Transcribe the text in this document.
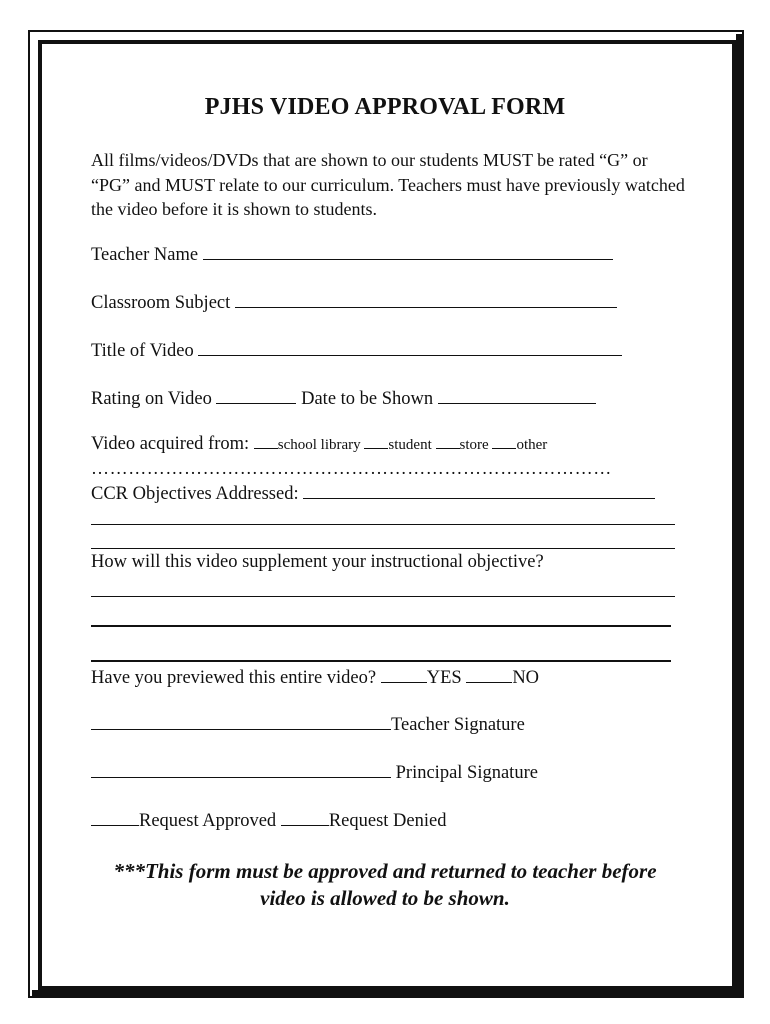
PJHS VIDEO APPROVAL FORM
All films/videos/DVDs that are shown to our students MUST be rated “G” or “PG” and MUST relate to our curriculum. Teachers must have previously watched the video before it is shown to students.
Teacher Name
Classroom Subject
Title of Video
Rating on Video	Date to be Shown
Video acquired from: school library student store other
…………………………………………………………………………
CCR Objectives Addressed:
How will this video supplement your instructional objective?
Have you previewed this entire video?	YES	NO
Teacher Signature
Principal Signature
Request Approved	Request Denied
***This form must be approved and returned to teacher before
video is allowed to be shown.
